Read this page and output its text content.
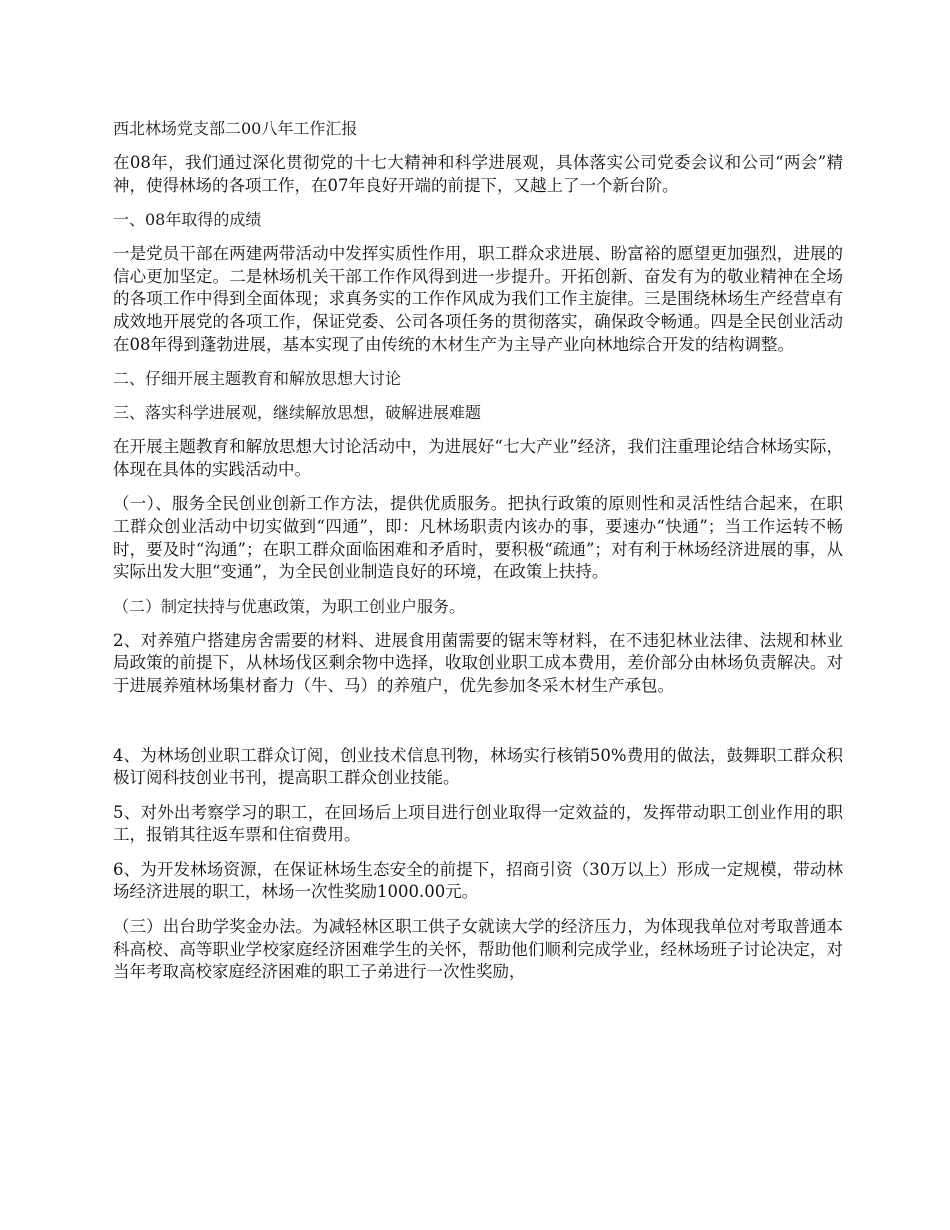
西北林场党支部二00八年工作汇报

在08年，我们通过深化贯彻党的十七大精神和科学进展观，具体落实公司党委会议和公司“两会”精神，使得林场的各项工作，在07年良好开端的前提下，又越上了一个新台阶。

一、08年取得的成绩

一是党员干部在两建两带活动中发挥实质性作用，职工群众求进展、盼富裕的愿望更加强烈，进展的信心更加坚定。二是林场机关干部工作作风得到进一步提升。开拓创新、奋发有为的敬业精神在全场的各项工作中得到全面体现；求真务实的工作作风成为我们工作主旋律。三是围绕林场生产经营卓有成效地开展党的各项工作，保证党委、公司各项任务的贯彻落实，确保政令畅通。四是全民创业活动在08年得到蓬勃进展，基本实现了由传统的木材生产为主导产业向林地综合开发的结构调整。

二、仔细开展主题教育和解放思想大讨论
三、落实科学进展观，继续解放思想，破解进展难题

在开展主题教育和解放思想大讨论活动中，为进展好“七大产业”经济，我们注重理论结合林场实际，体现在具体的实践活动中。

（一）、服务全民创业创新工作方法，提供优质服务。把执行政策的原则性和灵活性结合起来，在职工群众创业活动中切实做到“四通”，即：凡林场职责内该办的事，要速办“快通”；当工作运转不畅时，要及时“沟通”；在职工群众面临困难和矛盾时，要积极“疏通”；对有利于林场经济进展的事，从实际出发大胆“变通”，为全民创业制造良好的环境，在政策上扶持。

（二）制定扶持与优惠政策，为职工创业户服务。

2、对养殖户搭建房舍需要的材料、进展食用菌需要的锯末等材料，在不违犯林业法律、法规和林业局政策的前提下，从林场伐区剩余物中选择，收取创业职工成本费用，差价部分由林场负责解决。对于进展养殖林场集材畜力（牛、马）的养殖户，优先参加冬采木材生产承包。

4、为林场创业职工群众订阅，创业技术信息刊物，林场实行核销50%费用的做法，鼓舞职工群众积极订阅科技创业书刊，提高职工群众创业技能。

5、对外出考察学习的职工，在回场后上项目进行创业取得一定效益的，发挥带动职工创业作用的职工，报销其往返车票和住宿费用。

6、为开发林场资源，在保证林场生态安全的前提下，招商引资（30万以上）形成一定规模，带动林场经济进展的职工，林场一次性奖励1000.00元。

（三）出台助学奖金办法。为减轻林区职工供子女就读大学的经济压力，为体现我单位对考取普通本科高校、高等职业学校家庭经济困难学生的关怀，帮助他们顺利完成学业，经林场班子讨论决定，对当年考取高校家庭经济困难的职工子弟进行一次性奖励，
